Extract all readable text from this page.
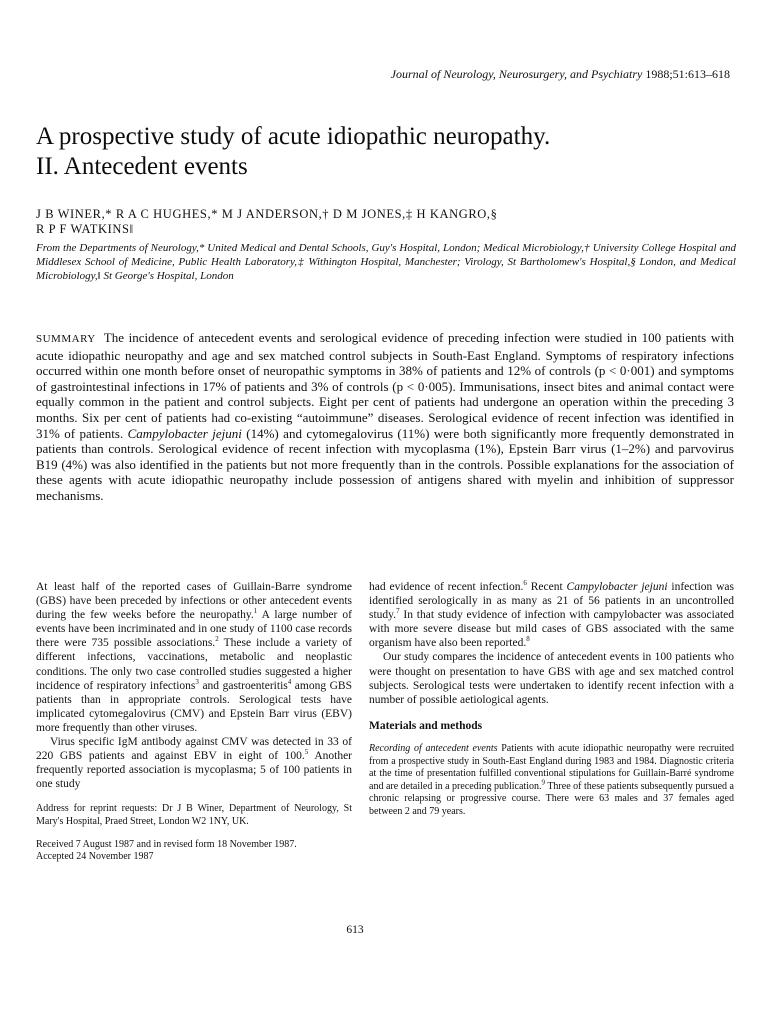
Journal of Neurology, Neurosurgery, and Psychiatry 1988;51:613–618
A prospective study of acute idiopathic neuropathy.
II. Antecedent events
J B WINER,* R A C HUGHES,* M J ANDERSON,† D M JONES,‡ H KANGRO,§
R P F WATKINS‖
From the Departments of Neurology,* United Medical and Dental Schools, Guy's Hospital, London; Medical Microbiology,† University College Hospital and Middlesex School of Medicine, Public Health Laboratory,‡ Withington Hospital, Manchester; Virology, St Bartholomew's Hospital,§ London, and Medical Microbiology,‖ St George's Hospital, London
SUMMARY The incidence of antecedent events and serological evidence of preceding infection were studied in 100 patients with acute idiopathic neuropathy and age and sex matched control subjects in South-East England. Symptoms of respiratory infections occurred within one month before onset of neuropathic symptoms in 38% of patients and 12% of controls (p < 0·001) and symptoms of gastrointestinal infections in 17% of patients and 3% of controls (p < 0·005). Immunisations, insect bites and animal contact were equally common in the patient and control subjects. Eight per cent of patients had undergone an operation within the preceding 3 months. Six per cent of patients had co-existing “autoimmune” diseases. Serological evidence of recent infection was identified in 31% of patients. Campylobacter jejuni (14%) and cytomegalovirus (11%) were both significantly more frequently demonstrated in patients than controls. Serological evidence of recent infection with mycoplasma (1%), Epstein Barr virus (1–2%) and parvovirus B19 (4%) was also identified in the patients but not more frequently than in the controls. Possible explanations for the association of these agents with acute idiopathic neuropathy include possession of antigens shared with myelin and inhibition of suppressor mechanisms.

At least half of the reported cases of Guillain-Barre syndrome (GBS) have been preceded by infections or other antecedent events during the few weeks before the neuropathy.$^1$ A large number of events have been incriminated and in one study of 1100 case records there were 735 possible associations.$^2$ These include a variety of different infections, vaccinations, metabolic and neoplastic conditions. The only two case controlled studies suggested a higher incidence of respiratory infections$^3$ and gastroenteritis$^4$ among GBS patients than in appropriate controls. Serological tests have implicated cytomegalovirus (CMV) and Epstein Barr virus (EBV) more frequently than other viruses.

Virus specific IgM antibody against CMV was detected in 33 of 220 GBS patients and against EBV in eight of 100.$^5$ Another frequently reported association is mycoplasma; 5 of 100 patients in one study

Address for reprint requests: Dr J B Winer, Department of Neurology, St Mary's Hospital, Praed Street, London W2 1NY, UK.
Received 7 August 1987 and in revised form 18 November 1987.
Accepted 24 November 1987

had evidence of recent infection.$^6$ Recent Campylobacter jejuni infection was identified serologically in as many as 21 of 56 patients in an uncontrolled study.$^7$ In that study evidence of infection with campylobacter was associated with more severe disease but mild cases of GBS associated with the same organism have also been reported.$^8$

Our study compares the incidence of antecedent events in 100 patients who were thought on presentation to have GBS with age and sex matched control subjects. Serological tests were undertaken to identify recent infection with a number of possible aetiological agents.

Materials and methods
Recording of antecedent events Patients with acute idiopathic neuropathy were recruited from a prospective study in South-East England during 1983 and 1984. Diagnostic criteria at the time of presentation fulfilled conventional stipulations for Guillain-Barré syndrome and are detailed in a preceding publication.$^9$ Three of these patients subsequently pursued a chronic relapsing or progressive course. There were 63 males and 37 females aged between 2 and 79 years.
613
